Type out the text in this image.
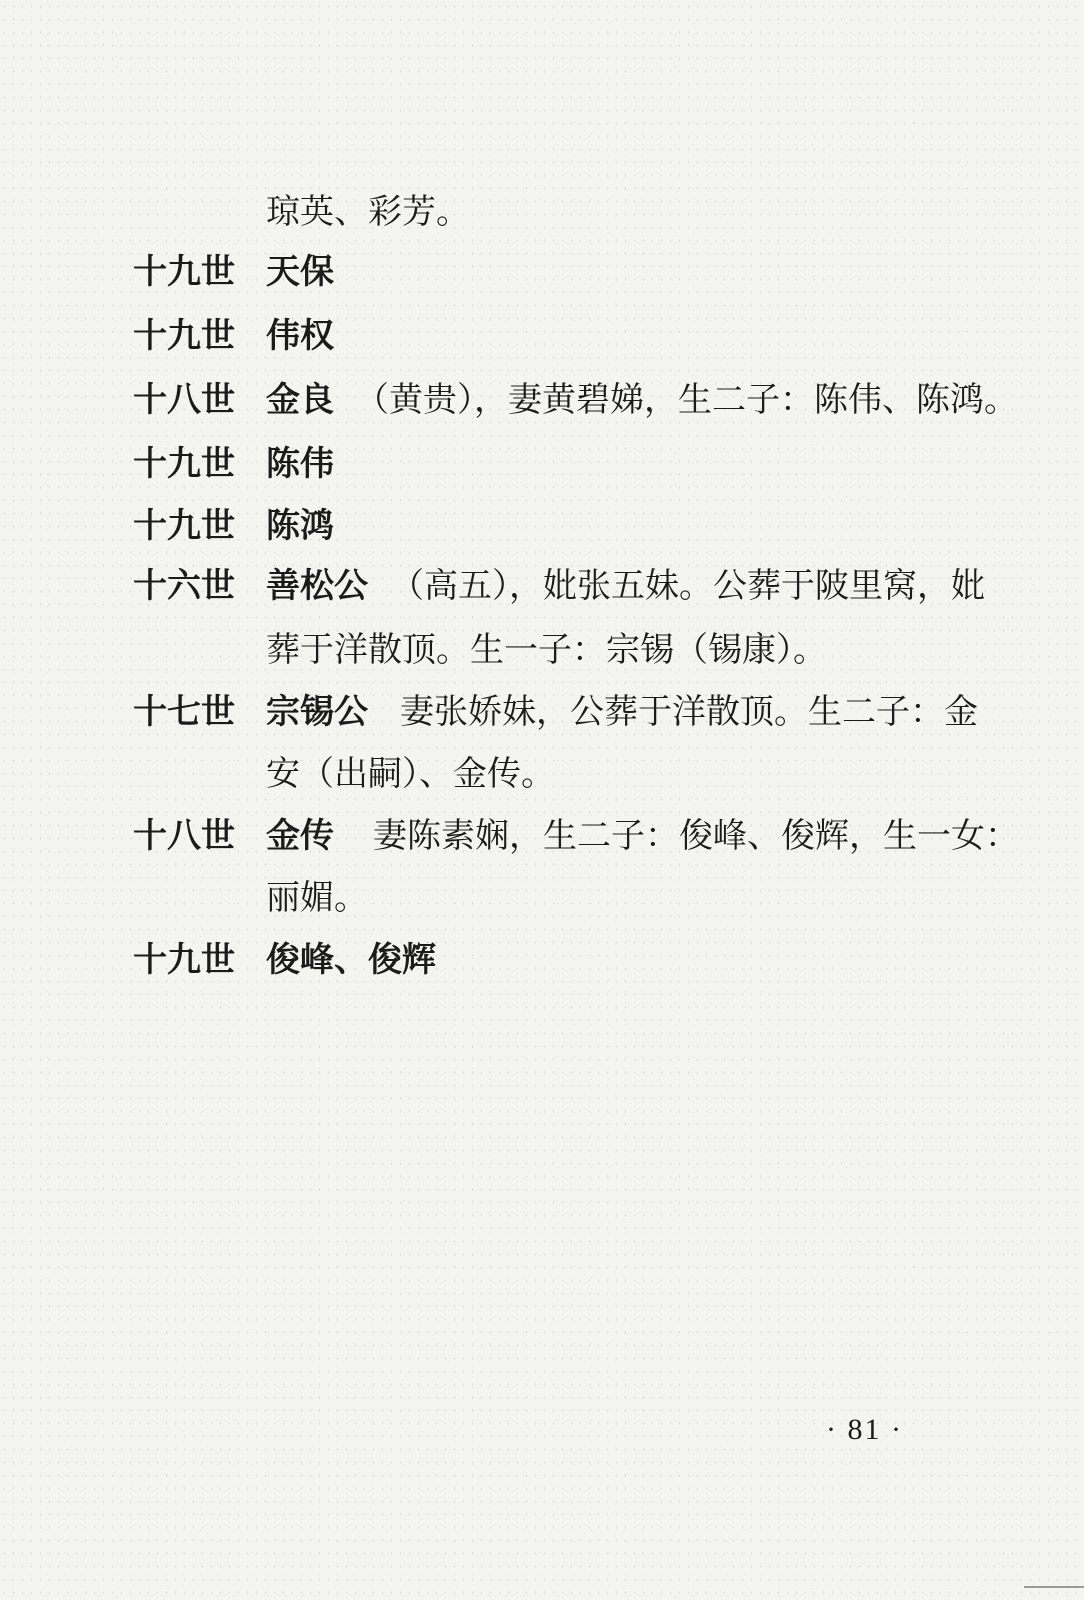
琼英、彩芳。
十九世 天保
十九世 伟权
十八世 金良 （黄贵），妻黄碧娣，生二子：陈伟、陈鸿。
十九世 陈伟
十九世 陈鸿
十六世 善松公 （高五），妣张五妹。公葬于陂里窝，妣
葬于洋散顶。生一子：宗锡（锡康）。
十七世 宗锡公 妻张娇妹，公葬于洋散顶。生二子：金
安（出嗣）、金传。
十八世 金传 妻陈素娴，生二子：俊峰、俊辉，生一女：
丽媚。
十九世 俊峰、俊辉
· 81 ·
